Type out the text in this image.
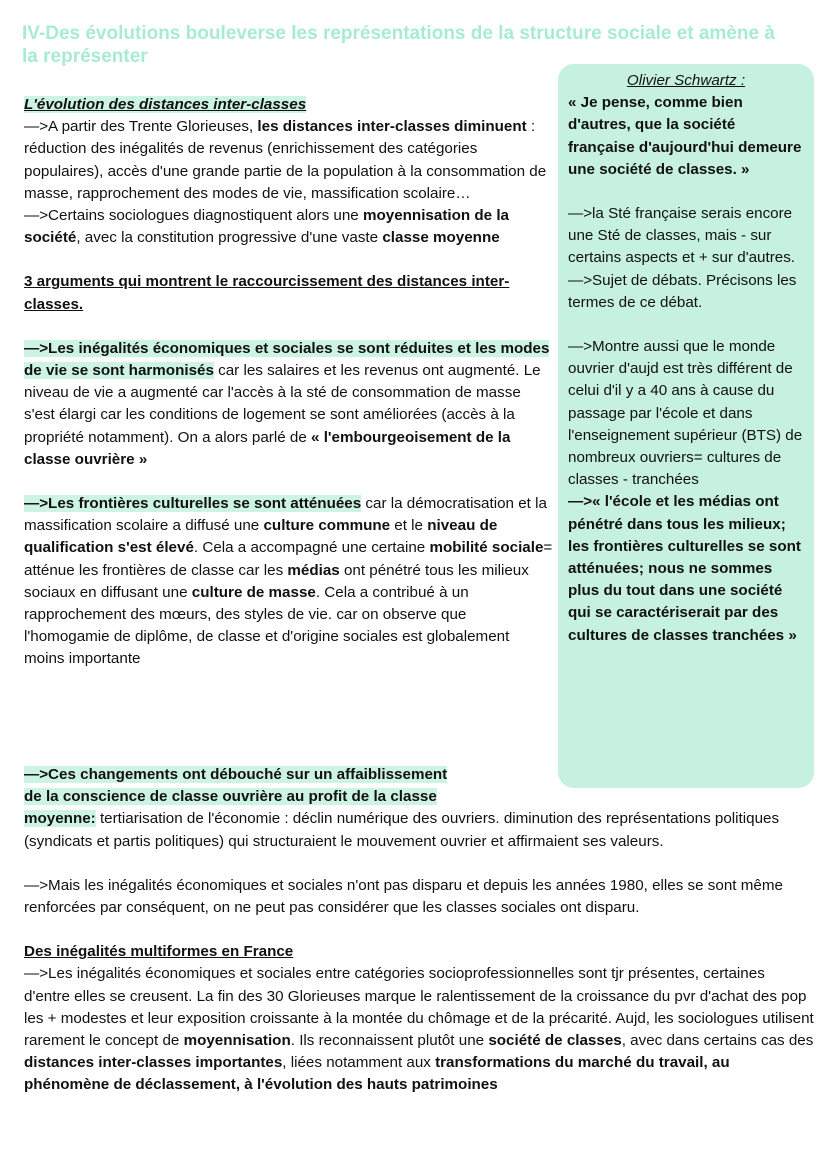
IV-Des évolutions bouleverse les représentations de la structure sociale et amène à la représenter

Olivier Schwartz :

« Je pense, comme bien d'autres, que la société française d'aujourd'hui demeure une société de classes. »

—>la Sté française serais encore une Sté de classes, mais - sur certains aspects et + sur d'autres.

—>Sujet de débats. Précisons les termes de ce débat.

—>Montre aussi que le monde ouvrier d'aujd est très différent de celui d'il y a 40 ans à cause du passage par l'école et dans l'enseignement supérieur (BTS) de nombreux ouvriers= cultures de classes - tranchées

—>« l'école et les médias ont pénétré dans tous les milieux; les frontières culturelles se sont atténuées; nous ne sommes plus du tout dans une société qui se caractériserait par des cultures de classes tranchées »

L'évolution des distances inter-classes

—>A partir des Trente Glorieuses, les distances inter-classes diminuent : réduction des inégalités de revenus (enrichissement des catégories populaires), accès d'une grande partie de la population à la consommation de masse, rapprochement des modes de vie, massification scolaire…

—>Certains sociologues diagnostiquent alors une moyennisation de la société, avec la constitution progressive d'une vaste classe moyenne

3 arguments qui montrent le raccourcissement des distances inter-classes.

—>Les inégalités économiques et sociales se sont réduites et les modes de vie se sont harmonisés car les salaires et les revenus ont augmenté. Le niveau de vie a augmenté car l'accès à la sté de consommation de masse s'est élargi car les conditions de logement se sont améliorées (accès à la propriété notamment). On a alors parlé de « l'embourgeoisement de la classe ouvrière »

—>Les frontières culturelles se sont atténuées car la démocratisation et la massification scolaire a diffusé une culture commune et le niveau de qualification s'est élevé. Cela a accompagné une certaine mobilité sociale= atténue les frontières de classe car les médias ont pénétré tous les milieux sociaux en diffusant une culture de masse. Cela a contribué à un rapprochement des mœurs, des styles de vie. car on observe que l'homogamie de diplôme, de classe et d'origine sociales est globalement moins importante

—>Ces changements ont débouché sur un affaiblissement
de la conscience de classe ouvrière au profit de la classe
moyenne: tertiarisation de l'économie : déclin numérique des ouvriers. diminution des représentations politiques (syndicats et partis politiques) qui structuraient le mouvement ouvrier et affirmaient ses valeurs.

—>Mais les inégalités économiques et sociales n'ont pas disparu et depuis les années 1980, elles se sont même renforcées par conséquent, on ne peut pas considérer que les classes sociales ont disparu.

Des inégalités multiformes en France

—>Les inégalités économiques et sociales entre catégories socioprofessionnelles sont tjr présentes, certaines d'entre elles se creusent. La fin des 30 Glorieuses marque le ralentissement de la croissance du pvr d'achat des pop les + modestes et leur exposition croissante à la montée du chômage et de la précarité. Aujd, les sociologues utilisent rarement le concept de moyennisation. Ils reconnaissent plutôt une société de classes, avec dans certains cas des distances inter-classes importantes, liées notamment aux transformations du marché du travail, au phénomène de déclassement, à l'évolution des hauts patrimoines
